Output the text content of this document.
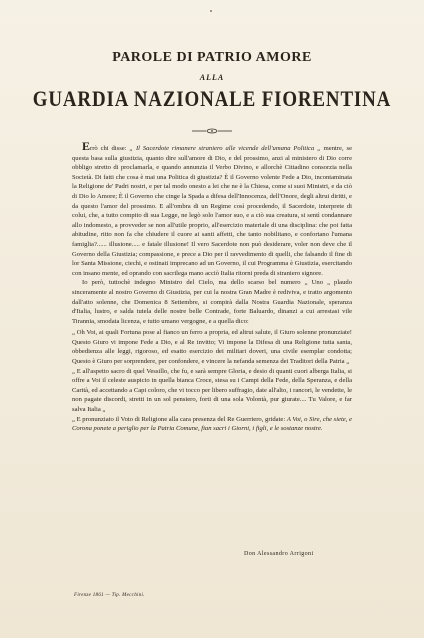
PAROLE DI PATRIO AMORE
ALLA
GUARDIA NAZIONALE FIORENTINA

Errò chi disse: „ Il Sacerdote rimanere straniero alle vicende dell'umana Politica „ mentre, se questa basa sulla giustizia, quanto dire sull'amore di Dio, e del prossimo, anzi al ministero di Dio corre obbligo stretto di proclamarla, e quando annunzia il Verbo Divino, e allorchè Cittadino consorzia nella Società. Di fatti che cosa è mai una Politica di giustizia? È il Governo volente Fede a Dio, incontaminata la Religione de' Padri nostri, e per tal modo onesto a lei che ne è la Chiesa, come si suoi Ministri, e da ciò di Dio lo Amore; È il Governo che cinge la Spada a difesa dell'Innocenza, dell'Onore, degli altrui diritti, e da questo l'amor del prossimo. E all'ombra di un Regime così procedendo, il Sacerdote, interprete di colui, che, a tutto compito di sua Legge, ne legò solo l'amor suo, e a ciò sua creatura, si sentì condannare allo indomesto, a provveder se non all'utile proprio, all'esercizio materiale di una disciplina: che poi fatta abitudine, ritto non fa che chiudere il cuore ai santi affetti, che tanto nobilitano, e confortano l'umana famiglia?...... illusione..... e fatale illusione! Il vero Sacerdote non può desiderare, voler non deve che il Governo della Giustizia; compassione, e prece a Dio per il ravvedimento di quelli, che falsando il fine di lor Santa Missione, ciechi, e ostinati imprecano ad un Governo, il cui Programma è Giustizia, esercitando con insano mente, ed oprando con sacrilega mano acciò Italia ritorni preda di straniero signore.

Io però, tuttochè indegno Ministro del Cielo, ma dello scarso bel numero „ Uno „ plaudo sinceramente al nostro Governo di Giustizia, per cui la nostra Gran Madre è redivivа, e tratto argomento dall'atto solenne, che Domenica 8 Settembre, si compirà dalla Nostra Guardia Nazionale, speranza d'Italia, lustro, e salda tutela delle nostre belle Contrade, forte Baluardo, dinanzi a cui arrestasi vile Tirannia, smodata licenza, e tutto umano vergogne, e a quella dico:

„ Oh Voi, ai quali Fortuna pose al fianco un ferro a propria, ed altrui salute, il Giuro solenne pronunziate! Questo Giuro vi impone Fede a Dio, e al Re invitto; Vi impone la Difesa di una Religione tutta santa, obbedienza alle leggi, rigoroso, ed esatto esercizio dei militari doveri, una civile esemplar condotta; Questo è Giuro per sorprendere, per confondere, e vincere la nefanda semenza dei Traditori della Patria „

„ E all'aspetto sacro di quel Vessillo, che fu, e sarà sempre Gloria, e desio di quanti cuori albergа Italia, si offre a Voi il celeste auspicio in quella bianca Croce, stesa su i Campi della Fede, della Speranza, e della Carità, ed accettando a Capi coloro, che vi tocco per libero suffragio, date all'alto, i rancori, le vendette, le non pagate discordi, stretti in un sol pensiero, forti di una sola Volontà, pur giurate.... Tu Valore, e far salva Italia „

„ E pronunziato il Voto di Religione alla cara presenza del Re Guerriero, gridate: A Voi, o Sire, che siete, e Corona ponete a periglio per la Patria Comune, fian sacri i Giorni, i figli, e le sostanze nostre.

Don Alessandro Arrigoni
Firenze 1861 — Tip. Mecchini.
